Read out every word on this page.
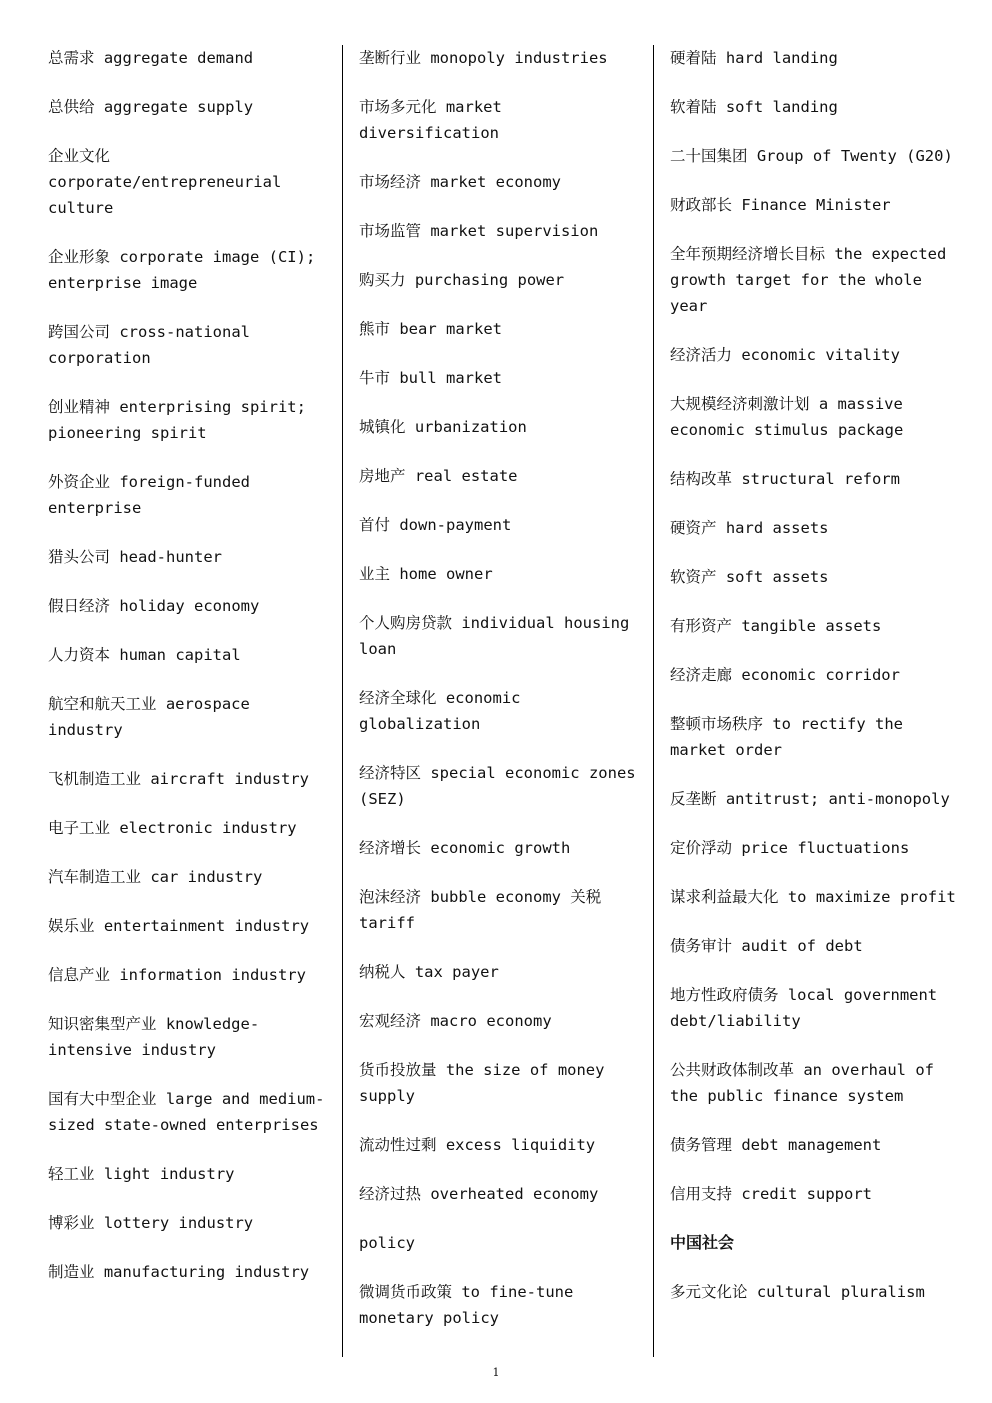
总需求 aggregate demand
总供给 aggregate supply
企业文化 corporate/entrepreneurial culture
企业形象 corporate image (CI); enterprise image
跨国公司 cross-national corporation
创业精神 enterprising spirit; pioneering spirit
外资企业 foreign-funded enterprise
猎头公司 head-hunter
假日经济 holiday economy
人力资本 human capital
航空和航天工业 aerospace industry
飞机制造工业 aircraft industry
电子工业 electronic industry
汽车制造工业 car industry
娱乐业 entertainment industry
信息产业 information industry
知识密集型产业 knowledge-intensive industry
国有大中型企业 large and medium-sized state-owned enterprises
轻工业 light industry
博彩业 lottery industry
制造业 manufacturing industry
垄断行业 monopoly industries
市场多元化 market diversification
市场经济 market economy
市场监管 market supervision
购买力 purchasing power
熊市 bear market
牛市 bull market
城镇化 urbanization
房地产 real estate
首付 down-payment
业主 home owner
个人购房贷款 individual housing loan
经济全球化 economic globalization
经济特区 special economic zones (SEZ)
经济增长 economic growth
泡沫经济 bubble economy 关税 tariff
纳税人 tax payer
宏观经济 macro economy
货币投放量 the size of money supply
流动性过剩 excess liquidity
经济过热 overheated economy
policy
微调货币政策 to fine-tune monetary policy
硬着陆 hard landing
软着陆 soft landing
二十国集团 Group of Twenty (G20)
财政部长 Finance Minister
全年预期经济增长目标 the expected growth target for the whole year
经济活力 economic vitality
大规模经济刺激计划 a massive economic stimulus package
结构改革 structural reform
硬资产 hard assets
软资产 soft assets
有形资产 tangible assets
经济走廊 economic corridor
整顿市场秩序 to rectify the market order
反垄断 antitrust; anti-monopoly
定价浮动 price fluctuations
谋求利益最大化 to maximize profit
债务审计 audit of debt
地方性政府债务 local government debt/liability
公共财政体制改革 an overhaul of the public finance system
债务管理 debt management
信用支持 credit support
中国社会
多元文化论 cultural pluralism
1
